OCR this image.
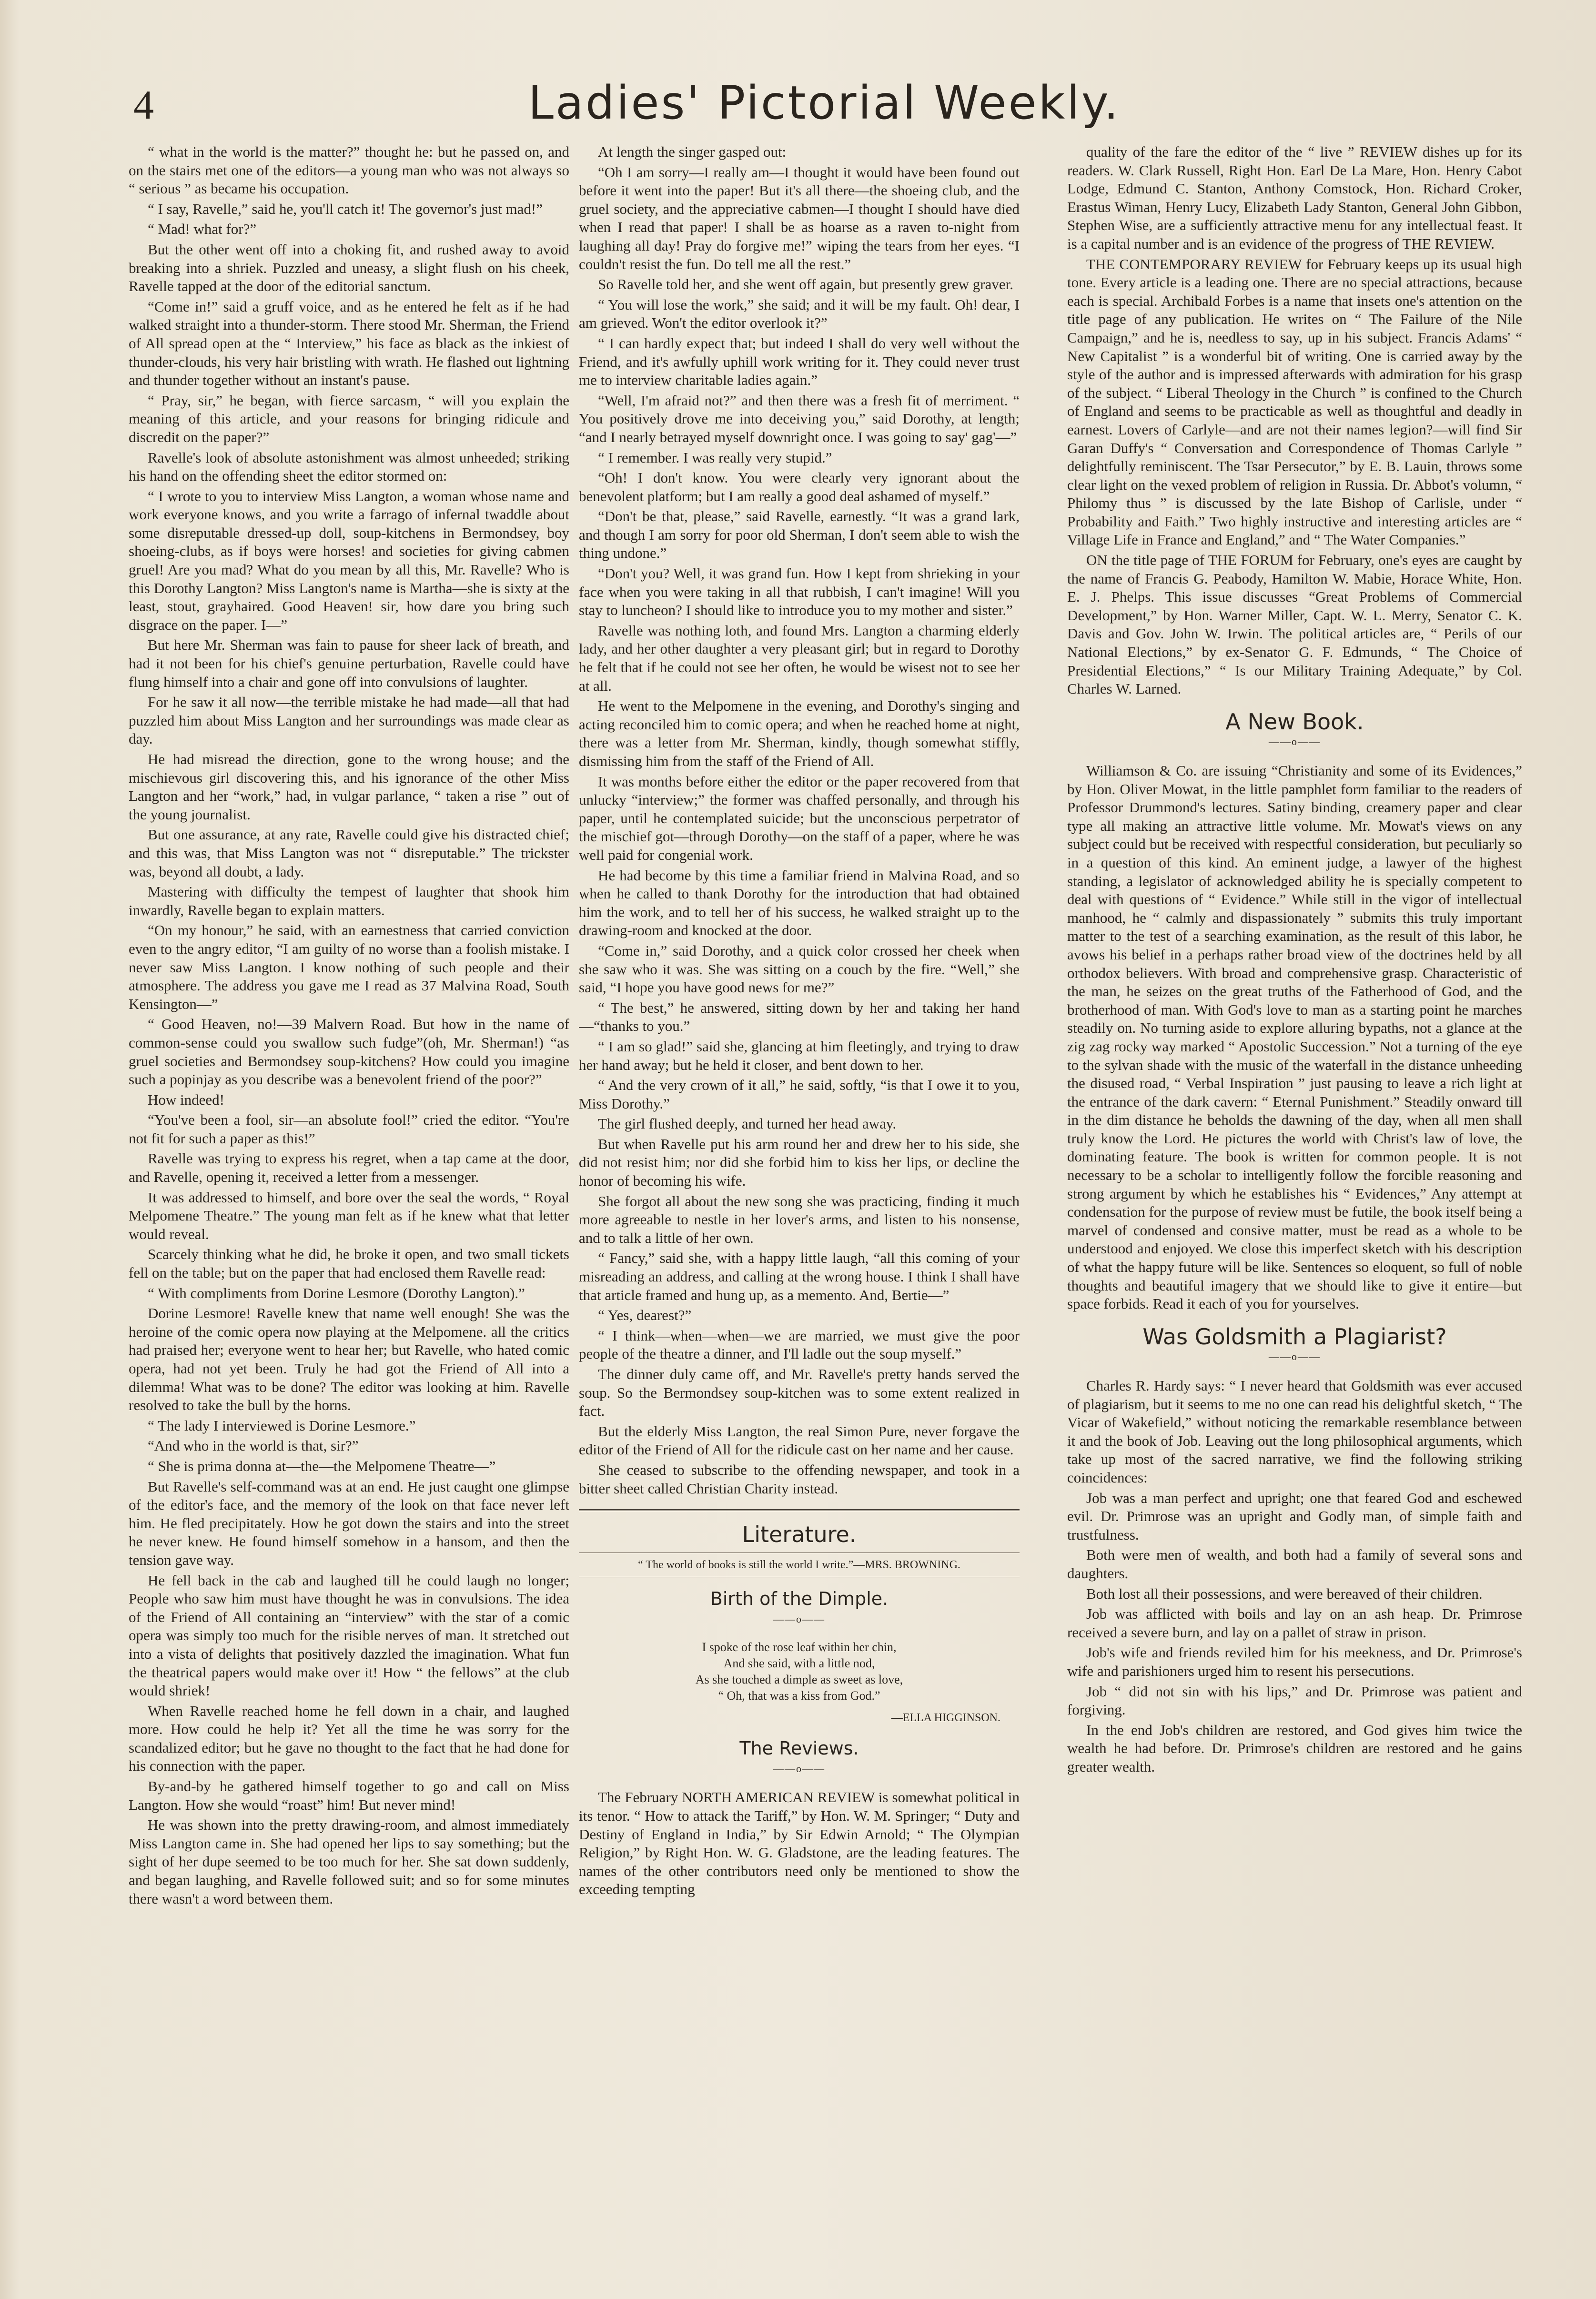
4	Ladies' Pictorial Weekly.

“ what in the world is the matter?” thought he: but he passed on, and on the stairs met one of the editors—a young man who was not always so “ serious ” as became his occupation.

“ I say, Ravelle,” said he, you'll catch it! The governor's just mad!”

“ Mad! what for?”

But the other went off into a choking fit, and rushed away to avoid breaking into a shriek. Puzzled and uneasy, a slight flush on his cheek, Ravelle tapped at the door of the editorial sanctum.

“Come in!” said a gruff voice, and as he entered he felt as if he had walked straight into a thunder-storm. There stood Mr. Sherman, the Friend of All spread open at the “ Interview,” his face as black as the inkiest of thunder-clouds, his very hair bristling with wrath. He flashed out lightning and thunder together without an instant's pause.

“ Pray, sir,” he began, with fierce sarcasm, “ will you explain the meaning of this article, and your reasons for bringing ridicule and discredit on the paper?”

Ravelle's look of absolute astonishment was almost unheeded; striking his hand on the offending sheet the editor stormed on:

“ I wrote to you to interview Miss Langton, a woman whose name and work everyone knows, and you write a farrago of infernal twaddle about some disreputable dressed-up doll, soup-kitchens in Bermondsey, boy shoeing-clubs, as if boys were horses! and societies for giving cabmen gruel! Are you mad? What do you mean by all this, Mr. Ravelle? Who is this Dorothy Langton? Miss Langton's name is Martha—she is sixty at the least, stout, grayhaired. Good Heaven! sir, how dare you bring such disgrace on the paper. I—”

But here Mr. Sherman was fain to pause for sheer lack of breath, and had it not been for his chief's genuine perturbation, Ravelle could have flung himself into a chair and gone off into convulsions of laughter.

For he saw it all now—the terrible mistake he had made—all that had puzzled him about Miss Langton and her surroundings was made clear as day.

He had misread the direction, gone to the wrong house; and the mischievous girl discovering this, and his ignorance of the other Miss Langton and her “work,” had, in vulgar parlance, “ taken a rise ” out of the young journalist.

But one assurance, at any rate, Ravelle could give his distracted chief; and this was, that Miss Langton was not “ disreputable.” The trickster was, beyond all doubt, a lady.

Mastering with difficulty the tempest of laughter that shook him inwardly, Ravelle began to explain matters.

“On my honour,” he said, with an earnestness that carried conviction even to the angry editor, “I am guilty of no worse than a foolish mistake. I never saw Miss Langton. I know nothing of such people and their atmosphere. The address you gave me I read as 37 Malvina Road, South Kensington—”

“ Good Heaven, no!—39 Malvern Road. But how in the name of common-sense could you swallow such fudge”(oh, Mr. Sherman!) “as gruel societies and Bermondsey soup-kitchens? How could you imagine such a popinjay as you describe was a benevolent friend of the poor?”

How indeed!

“You've been a fool, sir—an absolute fool!” cried the editor. “You're not fit for such a paper as this!”

Ravelle was trying to express his regret, when a tap came at the door, and Ravelle, opening it, received a letter from a messenger.

It was addressed to himself, and bore over the seal the words, “ Royal Melpomene Theatre.” The young man felt as if he knew what that letter would reveal.

Scarcely thinking what he did, he broke it open, and two small tickets fell on the table; but on the paper that had enclosed them Ravelle read:

“ With compliments from Dorine Lesmore (Dorothy Langton).”

Dorine Lesmore! Ravelle knew that name well enough! She was the heroine of the comic opera now playing at the Melpomene. all the critics had praised her; everyone went to hear her; but Ravelle, who hated comic opera, had not yet been. Truly he had got the Friend of All into a dilemma! What was to be done? The editor was looking at him. Ravelle resolved to take the bull by the horns.

“ The lady I interviewed is Dorine Lesmore.”

“And who in the world is that, sir?”

“ She is prima donna at—the—the Melpomene Theatre—”

But Ravelle's self-command was at an end. He just caught one glimpse of the editor's face, and the memory of the look on that face never left him. He fled precipitately. How he got down the stairs and into the street he never knew. He found himself somehow in a hansom, and then the tension gave way.

He fell back in the cab and laughed till he could laugh no longer; People who saw him must have thought he was in convulsions. The idea of the Friend of All containing an “interview” with the star of a comic opera was simply too much for the risible nerves of man. It stretched out into a vista of delights that positively dazzled the imagination. What fun the theatrical papers would make over it! How “ the fellows” at the club would shriek!

When Ravelle reached home he fell down in a chair, and laughed more. How could he help it? Yet all the time he was sorry for the scandalized editor; but he gave no thought to the fact that he had done for his connection with the paper.

By-and-by he gathered himself together to go and call on Miss Langton. How she would “roast” him! But never mind!

He was shown into the pretty drawing-room, and almost immediately Miss Langton came in. She had opened her lips to say something; but the sight of her dupe seemed to be too much for her. She sat down suddenly, and began laughing, and Ravelle followed suit; and so for some minutes there wasn't a word between them.

At length the singer gasped out:

“Oh I am sorry—I really am—I thought it would have been found out before it went into the paper! But it's all there—the shoeing club, and the gruel society, and the appreciative cabmen—I thought I should have died when I read that paper! I shall be as hoarse as a raven to-night from laughing all day! Pray do forgive me!” wiping the tears from her eyes. “I couldn't resist the fun. Do tell me all the rest.”

So Ravelle told her, and she went off again, but presently grew graver.

“ You will lose the work,” she said; and it will be my fault. Oh! dear, I am grieved. Won't the editor overlook it?”

“ I can hardly expect that; but indeed I shall do very well without the Friend, and it's awfully uphill work writing for it. They could never trust me to interview charitable ladies again.”

“Well, I'm afraid not?” and then there was a fresh fit of merriment. “ You positively drove me into deceiving you,” said Dorothy, at length; “and I nearly betrayed myself downright once. I was going to say' gag'—”

“ I remember. I was really very stupid.”

“Oh! I don't know. You were clearly very ignorant about the benevolent platform; but I am really a good deal ashamed of myself.”

“Don't be that, please,” said Ravelle, earnestly. “It was a grand lark, and though I am sorry for poor old Sherman, I don't seem able to wish the thing undone.”

“Don't you? Well, it was grand fun. How I kept from shrieking in your face when you were taking in all that rubbish, I can't imagine! Will you stay to luncheon? I should like to introduce you to my mother and sister.”

Ravelle was nothing loth, and found Mrs. Langton a charming elderly lady, and her other daughter a very pleasant girl; but in regard to Dorothy he felt that if he could not see her often, he would be wisest not to see her at all.

He went to the Melpomene in the evening, and Dorothy's singing and acting reconciled him to comic opera; and when he reached home at night, there was a letter from Mr. Sherman, kindly, though somewhat stiffly, dismissing him from the staff of the Friend of All.

It was months before either the editor or the paper recovered from that unlucky “interview;” the former was chaffed personally, and through his paper, until he contemplated suicide; but the unconscious perpetrator of the mischief got—through Dorothy—on the staff of a paper, where he was well paid for congenial work.

He had become by this time a familiar friend in Malvina Road, and so when he called to thank Dorothy for the introduction that had obtained him the work, and to tell her of his success, he walked straight up to the drawing-room and knocked at the door.

“Come in,” said Dorothy, and a quick color crossed her cheek when she saw who it was. She was sitting on a couch by the fire. “Well,” she said, “I hope you have good news for me?”

“ The best,” he answered, sitting down by her and taking her hand—“thanks to you.”

“ I am so glad!” said she, glancing at him fleetingly, and trying to draw her hand away; but he held it closer, and bent down to her.

“ And the very crown of it all,” he said, softly, “is that I owe it to you, Miss Dorothy.”

The girl flushed deeply, and turned her head away.

But when Ravelle put his arm round her and drew her to his side, she did not resist him; nor did she forbid him to kiss her lips, or decline the honor of becoming his wife.

She forgot all about the new song she was practicing, finding it much more agreeable to nestle in her lover's arms, and listen to his nonsense, and to talk a little of her own.

“ Fancy,” said she, with a happy little laugh, “all this coming of your misreading an address, and calling at the wrong house. I think I shall have that article framed and hung up, as a memento. And, Bertie—”

“ Yes, dearest?”

“ I think—when—when—we are married, we must give the poor people of the theatre a dinner, and I'll ladle out the soup myself.”

The dinner duly came off, and Mr. Ravelle's pretty hands served the soup. So the Bermondsey soup-kitchen was to some extent realized in fact.

But the elderly Miss Langton, the real Simon Pure, never forgave the editor of the Friend of All for the ridicule cast on her name and her cause.

She ceased to subscribe to the offending newspaper, and took in a bitter sheet called Christian Charity instead.

Literature.
“ The world of books is still the world I write.”—MRS. BROWNING.
Birth of the Dimple.
——o——
I spoke of the rose leaf within her chin,
And she said, with a little nod,
As she touched a dimple as sweet as love,
“ Oh, that was a kiss from God.”
—ELLA HIGGINSON.
The Reviews.
——o——

The February NORTH AMERICAN REVIEW is somewhat political in its tenor. “ How to attack the Tariff,” by Hon. W. M. Springer; “ Duty and Destiny of England in India,” by Sir Edwin Arnold; “ The Olympian Religion,” by Right Hon. W. G. Gladstone, are the leading features. The names of the other contributors need only be mentioned to show the exceeding tempting

quality of the fare the editor of the “ live ” REVIEW dishes up for its readers. W. Clark Russell, Right Hon. Earl De La Mare, Hon. Henry Cabot Lodge, Edmund C. Stanton, Anthony Comstock, Hon. Richard Croker, Erastus Wiman, Henry Lucy, Elizabeth Lady Stanton, General John Gibbon, Stephen Wise, are a sufficiently attractive menu for any intellectual feast. It is a capital number and is an evidence of the progress of THE REVIEW.

THE CONTEMPORARY REVIEW for February keeps up its usual high tone. Every article is a leading one. There are no special attractions, because each is special. Archibald Forbes is a name that insets one's attention on the title page of any publication. He writes on “ The Failure of the Nile Campaign,” and he is, needless to say, up in his subject. Francis Adams' “ New Capitalist ” is a wonderful bit of writing. One is carried away by the style of the author and is impressed afterwards with admiration for his grasp of the subject. “ Liberal Theology in the Church ” is confined to the Church of England and seems to be practicable as well as thoughtful and deadly in earnest. Lovers of Carlyle—and are not their names legion?—will find Sir Garan Duffy's “ Conversation and Correspondence of Thomas Carlyle ” delightfully reminiscent. The Tsar Persecutor,” by E. B. Lauin, throws some clear light on the vexed problem of religion in Russia. Dr. Abbot's volumn, “ Philomy thus ” is discussed by the late Bishop of Carlisle, under “ Probability and Faith.” Two highly instructive and interesting articles are “ Village Life in France and England,” and “ The Water Companies.”

ON the title page of THE FORUM for February, one's eyes are caught by the name of Francis G. Peabody, Hamilton W. Mabie, Horace White, Hon. E. J. Phelps. This issue discusses “Great Problems of Commercial Development,” by Hon. Warner Miller, Capt. W. L. Merry, Senator C. K. Davis and Gov. John W. Irwin. The political articles are, “ Perils of our National Elections,” by ex-Senator G. F. Edmunds, “ The Choice of Presidential Elections,” “ Is our Military Training Adequate,” by Col. Charles W. Larned.

A New Book.
——o——

Williamson & Co. are issuing “Christianity and some of its Evidences,” by Hon. Oliver Mowat, in the little pamphlet form familiar to the readers of Professor Drummond's lectures. Satiny binding, creamery paper and clear type all making an attractive little volume. Mr. Mowat's views on any subject could but be received with respectful consideration, but peculiarly so in a question of this kind. An eminent judge, a lawyer of the highest standing, a legislator of acknowledged ability he is specially competent to deal with questions of “ Evidence.” While still in the vigor of intellectual manhood, he “ calmly and dispassionately ” submits this truly important matter to the test of a searching examination, as the result of this labor, he avows his belief in a perhaps rather broad view of the doctrines held by all orthodox believers. With broad and comprehensive grasp. Characteristic of the man, he seizes on the great truths of the Fatherhood of God, and the brotherhood of man. With God's love to man as a starting point he marches steadily on. No turning aside to explore alluring bypaths, not a glance at the zig zag rocky way marked “ Apostolic Succession.” Not a turning of the eye to the sylvan shade with the music of the waterfall in the distance unheeding the disused road, “ Verbal Inspiration ” just pausing to leave a rich light at the entrance of the dark cavern: “ Eternal Punishment.” Steadily onward till in the dim distance he beholds the dawning of the day, when all men shall truly know the Lord. He pictures the world with Christ's law of love, the dominating feature. The book is written for common people. It is not necessary to be a scholar to intelligently follow the forcible reasoning and strong argument by which he establishes his “ Evidences,” Any attempt at condensation for the purpose of review must be futile, the book itself being a marvel of condensed and consive matter, must be read as a whole to be understood and enjoyed. We close this imperfect sketch with his description of what the happy future will be like. Sentences so eloquent, so full of noble thoughts and beautiful imagery that we should like to give it entire—but space forbids. Read it each of you for yourselves.

Was Goldsmith a Plagiarist?
——o——

Charles R. Hardy says: “ I never heard that Goldsmith was ever accused of plagiarism, but it seems to me no one can read his delightful sketch, “ The Vicar of Wakefield,” without noticing the remarkable resemblance between it and the book of Job. Leaving out the long philosophical arguments, which take up most of the sacred narrative, we find the following striking coincidences:

Job was a man perfect and upright; one that feared God and eschewed evil. Dr. Primrose was an upright and Godly man, of simple faith and trustfulness.

Both were men of wealth, and both had a family of several sons and daughters.

Both lost all their possessions, and were bereaved of their children.

Job was afflicted with boils and lay on an ash heap. Dr. Primrose received a severe burn, and lay on a pallet of straw in prison.

Job's wife and friends reviled him for his meekness, and Dr. Primrose's wife and parishioners urged him to resent his persecutions.

Job “ did not sin with his lips,” and Dr. Primrose was patient and forgiving.

In the end Job's children are restored, and God gives him twice the wealth he had before. Dr. Primrose's children are restored and he gains greater wealth.
